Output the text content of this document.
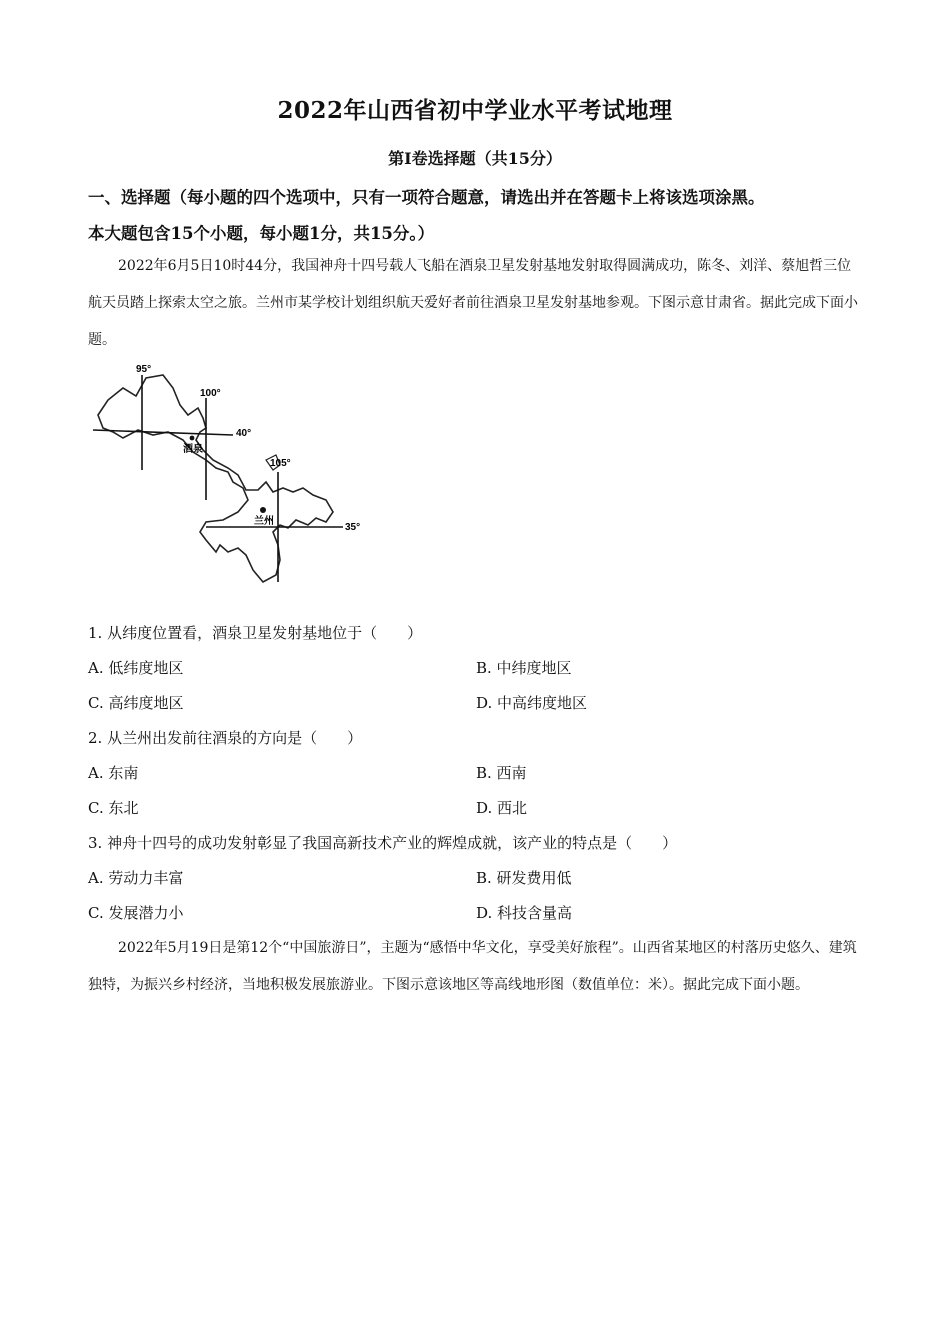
2022年山西省初中学业水平考试地理
第I卷选择题（共15分）
一、选择题（每小题的四个选项中，只有一项符合题意，请选出并在答题卡上将该选项涂黑。
本大题包含15个小题，每小题1分，共15分。）
2022年6月5日10时44分，我国神舟十四号载人飞船在酒泉卫星发射基地发射取得圆满成功，陈冬、刘洋、蔡旭哲三位航天员踏上探索太空之旅。兰州市某学校计划组织航天爱好者前往酒泉卫星发射基地参观。下图示意甘肃省。据此完成下面小题。
95°
100°
105°
40°
35°
酒泉
兰州
1. 从纬度位置看，酒泉卫星发射基地位于（　　）
A. 低纬度地区	B. 中纬度地区
C. 高纬度地区	D. 中高纬度地区
2. 从兰州出发前往酒泉的方向是（　　）
A. 东南	B. 西南
C. 东北	D. 西北
3. 神舟十四号的成功发射彰显了我国高新技术产业的辉煌成就，该产业的特点是（　　）
A. 劳动力丰富	B. 研发费用低
C. 发展潜力小	D. 科技含量高
2022年5月19日是第12个“中国旅游日”，主题为“感悟中华文化，享受美好旅程”。山西省某地区的村落历史悠久、建筑独特，为振兴乡村经济，当地积极发展旅游业。下图示意该地区等高线地形图（数值单位：米）。据此完成下面小题。
